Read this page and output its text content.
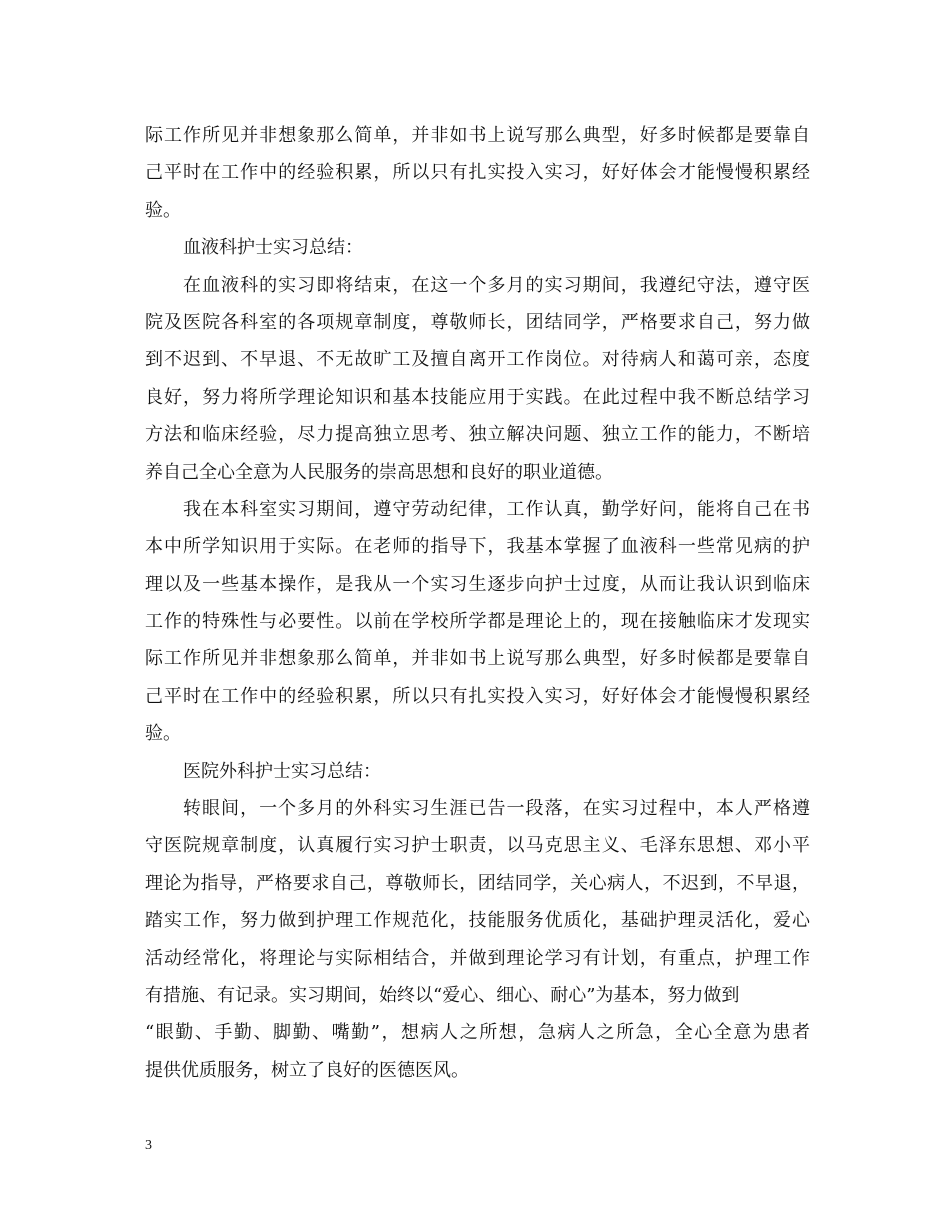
际工作所见并非想象那么简单，并非如书上说写那么典型，好多时候都是要靠自
己平时在工作中的经验积累，所以只有扎实投入实习，好好体会才能慢慢积累经
验。
血液科护士实习总结：
在血液科的实习即将结束，在这一个多月的实习期间，我遵纪守法，遵守医
院及医院各科室的各项规章制度，尊敬师长，团结同学，严格要求自己，努力做
到不迟到、不早退、不无故旷工及擅自离开工作岗位。对待病人和蔼可亲，态度
良好，努力将所学理论知识和基本技能应用于实践。在此过程中我不断总结学习
方法和临床经验，尽力提高独立思考、独立解决问题、独立工作的能力，不断培
养自己全心全意为人民服务的崇高思想和良好的职业道德。
我在本科室实习期间，遵守劳动纪律，工作认真，勤学好问，能将自己在书
本中所学知识用于实际。在老师的指导下，我基本掌握了血液科一些常见病的护
理以及一些基本操作，是我从一个实习生逐步向护士过度，从而让我认识到临床
工作的特殊性与必要性。以前在学校所学都是理论上的，现在接触临床才发现实
际工作所见并非想象那么简单，并非如书上说写那么典型，好多时候都是要靠自
己平时在工作中的经验积累，所以只有扎实投入实习，好好体会才能慢慢积累经
验。
医院外科护士实习总结：
转眼间，一个多月的外科实习生涯已告一段落，在实习过程中，本人严格遵
守医院规章制度，认真履行实习护士职责，以马克思主义、毛泽东思想、邓小平
理论为指导，严格要求自己，尊敬师长，团结同学，关心病人，不迟到，不早退，
踏实工作，努力做到护理工作规范化，技能服务优质化，基础护理灵活化，爱心
活动经常化，将理论与实际相结合，并做到理论学习有计划，有重点，护理工作
有措施、有记录。实习期间，始终以“爱心、细心、耐心”为基本，努力做到
“眼勤、手勤、脚勤、嘴勤”，想病人之所想，急病人之所急，全心全意为患者
提供优质服务，树立了良好的医德医风。
3
